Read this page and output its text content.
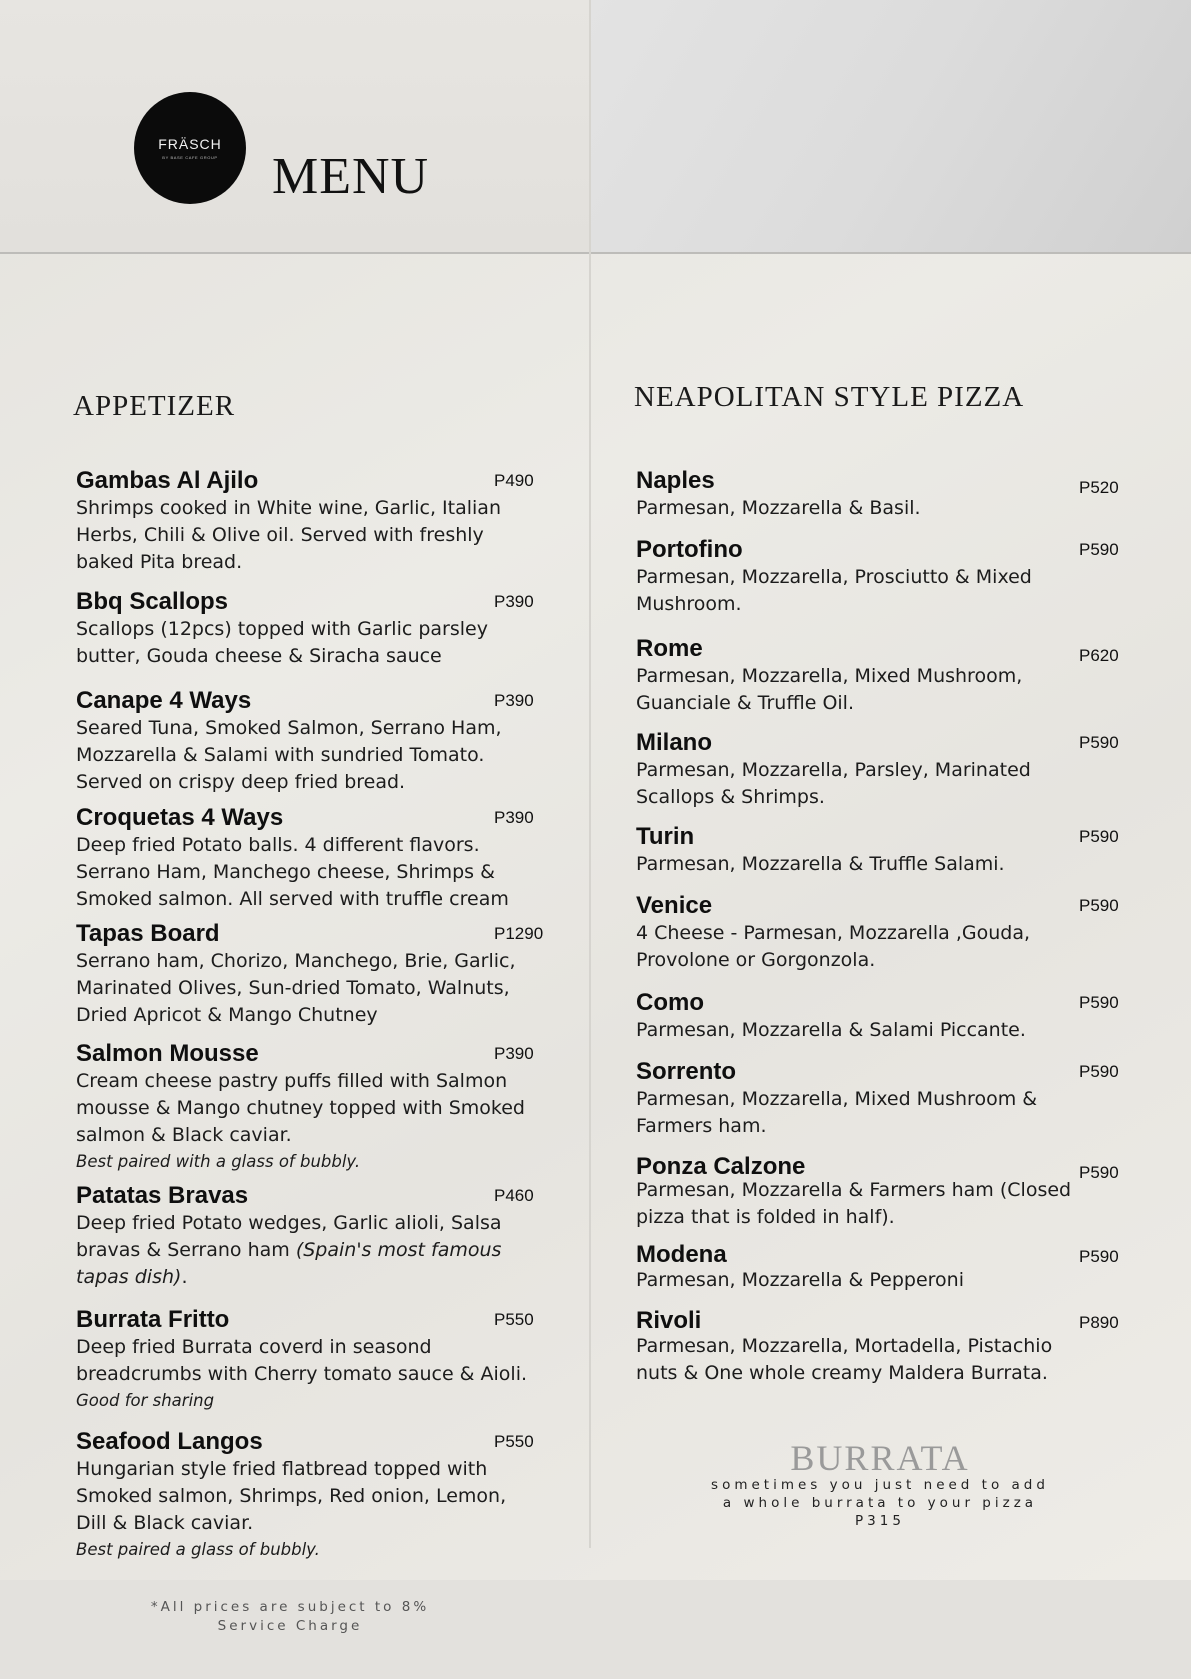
FRÄSCH
BY BASE CAFE GROUP MENU
APPETIZER
Gambas Al Ajilo	P490
Shrimps cooked in White wine, Garlic, Italian
Herbs, Chili & Olive oil. Served with freshly
baked Pita bread.
Bbq Scallops	P390
Scallops (12pcs) topped with Garlic parsley
butter, Gouda cheese & Siracha sauce
Canape 4 Ways	P390
Seared Tuna, Smoked Salmon, Serrano Ham,
Mozzarella & Salami with sundried Tomato.
Served on crispy deep fried bread.
Croquetas 4 Ways	P390
Deep fried Potato balls. 4 different flavors.
Serrano Ham, Manchego cheese, Shrimps &
Smoked salmon. All served with truffle cream
Tapas Board	P1290
Serrano ham, Chorizo, Manchego, Brie, Garlic,
Marinated Olives, Sun-dried Tomato, Walnuts,
Dried Apricot & Mango Chutney
Salmon Mousse	P390
Cream cheese pastry puffs filled with Salmon
mousse & Mango chutney topped with Smoked
salmon & Black caviar.
Best paired with a glass of bubbly.
Patatas Bravas	P460
Deep fried Potato wedges, Garlic alioli, Salsa
bravas & Serrano ham (Spain's most famous
tapas dish).
Burrata Fritto	P550
Deep fried Burrata coverd in seasond
breadcrumbs with Cherry tomato sauce & Aioli.
Good for sharing
Seafood Langos	P550
Hungarian style fried flatbread topped with
Smoked salmon, Shrimps, Red onion, Lemon,
Dill & Black caviar.
Best paired a glass of bubbly.
NEAPOLITAN STYLE PIZZA
Naples	P520
Parmesan, Mozzarella & Basil.
Portofino	P590
Parmesan, Mozzarella, Prosciutto & Mixed
Mushroom.
Rome	P620
Parmesan, Mozzarella, Mixed Mushroom,
Guanciale & Truffle Oil.
Milano	P590
Parmesan, Mozzarella, Parsley, Marinated
Scallops & Shrimps.
Turin	P590
Parmesan, Mozzarella & Truffle Salami.
Venice	P590
4 Cheese - Parmesan, Mozzarella ,Gouda,
Provolone or Gorgonzola.
Como	P590
Parmesan, Mozzarella & Salami Piccante.
Sorrento	P590
Parmesan, Mozzarella, Mixed Mushroom &
Farmers ham.
Ponza Calzone	P590
Parmesan, Mozzarella & Farmers ham (Closed
pizza that is folded in half).
Modena	P590
Parmesan, Mozzarella & Pepperoni
Rivoli	P890
Parmesan, Mozzarella, Mortadella, Pistachio
nuts & One whole creamy Maldera Burrata.
BURRATA
sometimes you just need to add
a whole burrata to your pizza
P315
*All prices are subject to 8%
Service Charge
